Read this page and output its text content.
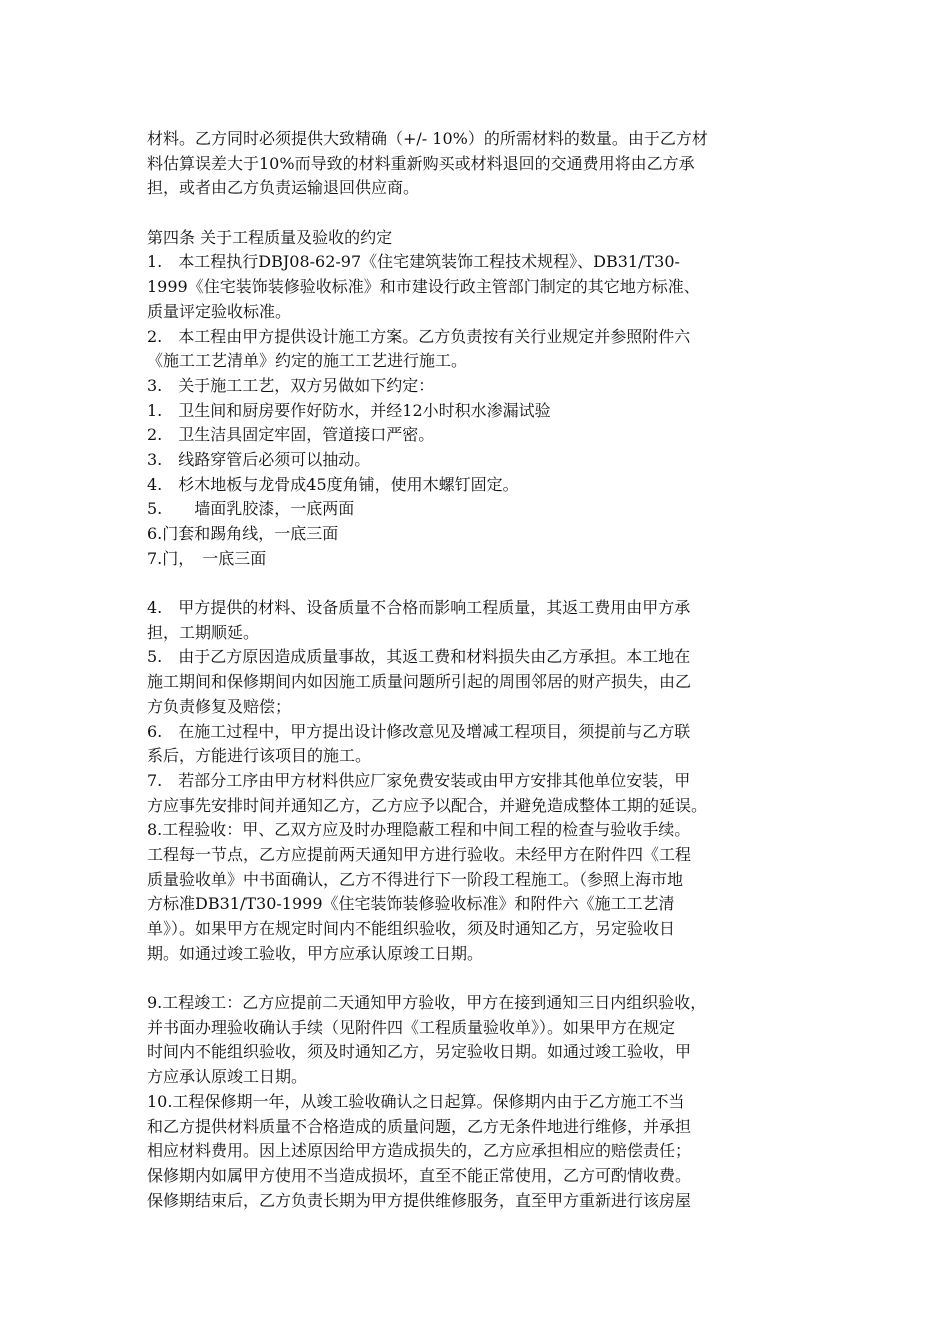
材料。乙方同时必须提供大致精确（+/- 10%）的所需材料的数量。由于乙方材
料估算误差大于10%而导致的材料重新购买或材料退回的交通费用将由乙方承
担，或者由乙方负责运输退回供应商。
第四条 关于工程质量及验收的约定
1.　本工程执行DBJ08-62-97《住宅建筑装饰工程技术规程》、DB31/T30-
1999《住宅装饰装修验收标准》和市建设行政主管部门制定的其它地方标准、
质量评定验收标准。
2.　本工程由甲方提供设计施工方案。乙方负责按有关行业规定并参照附件六
《施工工艺清单》约定的施工工艺进行施工。
3.　关于施工工艺，双方另做如下约定：
1.　卫生间和厨房要作好防水，并经12小时积水渗漏试验
2.　卫生洁具固定牢固，管道接口严密。
3.　线路穿管后必须可以抽动。
4.　杉木地板与龙骨成45度角铺，使用木螺钉固定。
5.　　墙面乳胶漆，一底两面
6.门套和踢角线，一底三面
7.门，　一底三面
4.　甲方提供的材料、设备质量不合格而影响工程质量，其返工费用由甲方承
担，工期顺延。
5.　由于乙方原因造成质量事故，其返工费和材料损失由乙方承担。本工地在
施工期间和保修期间内如因施工质量问题所引起的周围邻居的财产损失，由乙
方负责修复及赔偿；
6.　在施工过程中，甲方提出设计修改意见及增减工程项目，须提前与乙方联
系后，方能进行该项目的施工。
7.　若部分工序由甲方材料供应厂家免费安装或由甲方安排其他单位安装，甲
方应事先安排时间并通知乙方，乙方应予以配合，并避免造成整体工期的延误。
8.工程验收：甲、乙双方应及时办理隐蔽工程和中间工程的检查与验收手续。
工程每一节点，乙方应提前两天通知甲方进行验收。未经甲方在附件四《工程
质量验收单》中书面确认，乙方不得进行下一阶段工程施工。（参照上海市地
方标准DB31/T30-1999《住宅装饰装修验收标准》和附件六《施工工艺清
单》）。如果甲方在规定时间内不能组织验收，须及时通知乙方，另定验收日
期。如通过竣工验收，甲方应承认原竣工日期。
9.工程竣工：乙方应提前二天通知甲方验收，甲方在接到通知三日内组织验收，
并书面办理验收确认手续（见附件四《工程质量验收单》）。如果甲方在规定
时间内不能组织验收，须及时通知乙方，另定验收日期。如通过竣工验收，甲
方应承认原竣工日期。
10.工程保修期一年，从竣工验收确认之日起算。保修期内由于乙方施工不当
和乙方提供材料质量不合格造成的质量问题，乙方无条件地进行维修，并承担
相应材料费用。因上述原因给甲方造成损失的，乙方应承担相应的赔偿责任；
保修期内如属甲方使用不当造成损坏，直至不能正常使用，乙方可酌情收费。
保修期结束后，乙方负责长期为甲方提供维修服务，直至甲方重新进行该房屋
